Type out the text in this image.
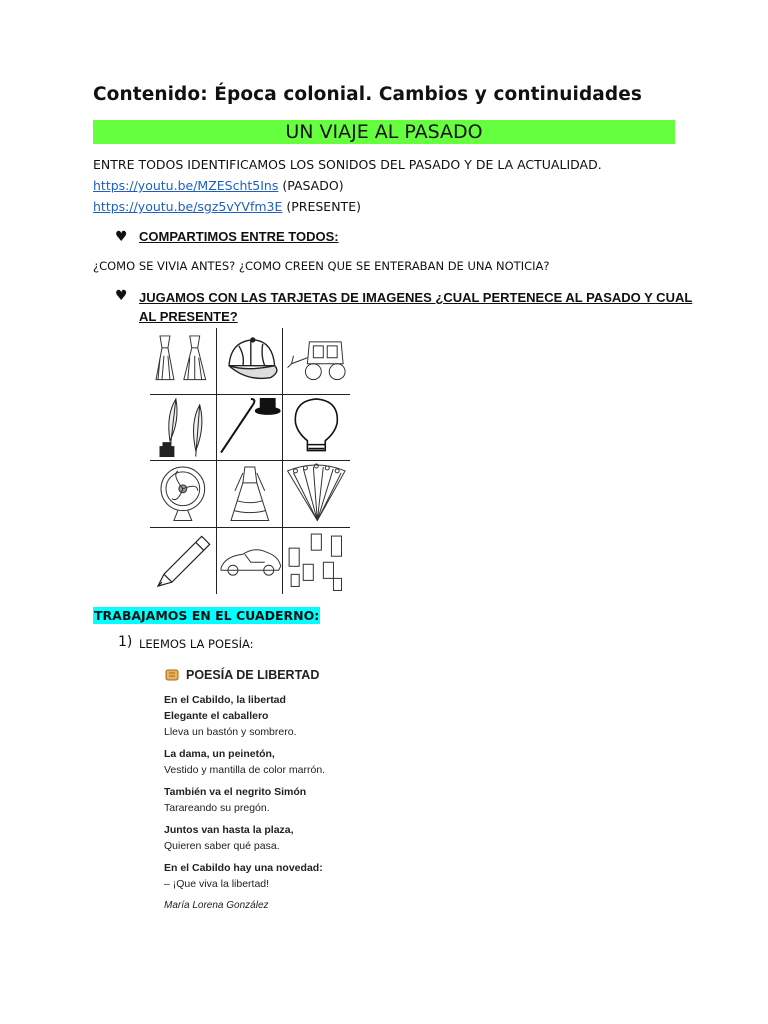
Contenido: Época colonial. Cambios y continuidades
UN VIAJE AL PASADO
ENTRE TODOS IDENTIFICAMOS LOS SONIDOS DEL PASADO Y DE LA ACTUALIDAD.
https://youtu.be/MZEScht5Ins (PASADO)
https://youtu.be/sgz5vYVfm3E (PRESENTE)
♥ COMPARTIMOS ENTRE TODOS:
¿COMO SE VIVIA ANTES? ¿COMO CREEN QUE SE ENTERABAN DE UNA NOTICIA?
♥ JUGAMOS CON LAS TARJETAS DE IMAGENES ¿CUAL PERTENECE AL PASADO Y CUAL
AL PRESENTE?
TRABAJAMOS EN EL CUADERNO:
1) LEEMOS LA POESÍA:
POESÍA DE LIBERTAD
En el Cabildo, la libertad
Elegante el caballero
Lleva un bastón y sombrero.
La dama, un peinetón,
Vestido y mantilla de color marrón.
También va el negrito Simón
Tarareando su pregón.
Juntos van hasta la plaza,
Quieren saber qué pasa.
En el Cabildo hay una novedad:
– ¡Que viva la libertad!
María Lorena González
